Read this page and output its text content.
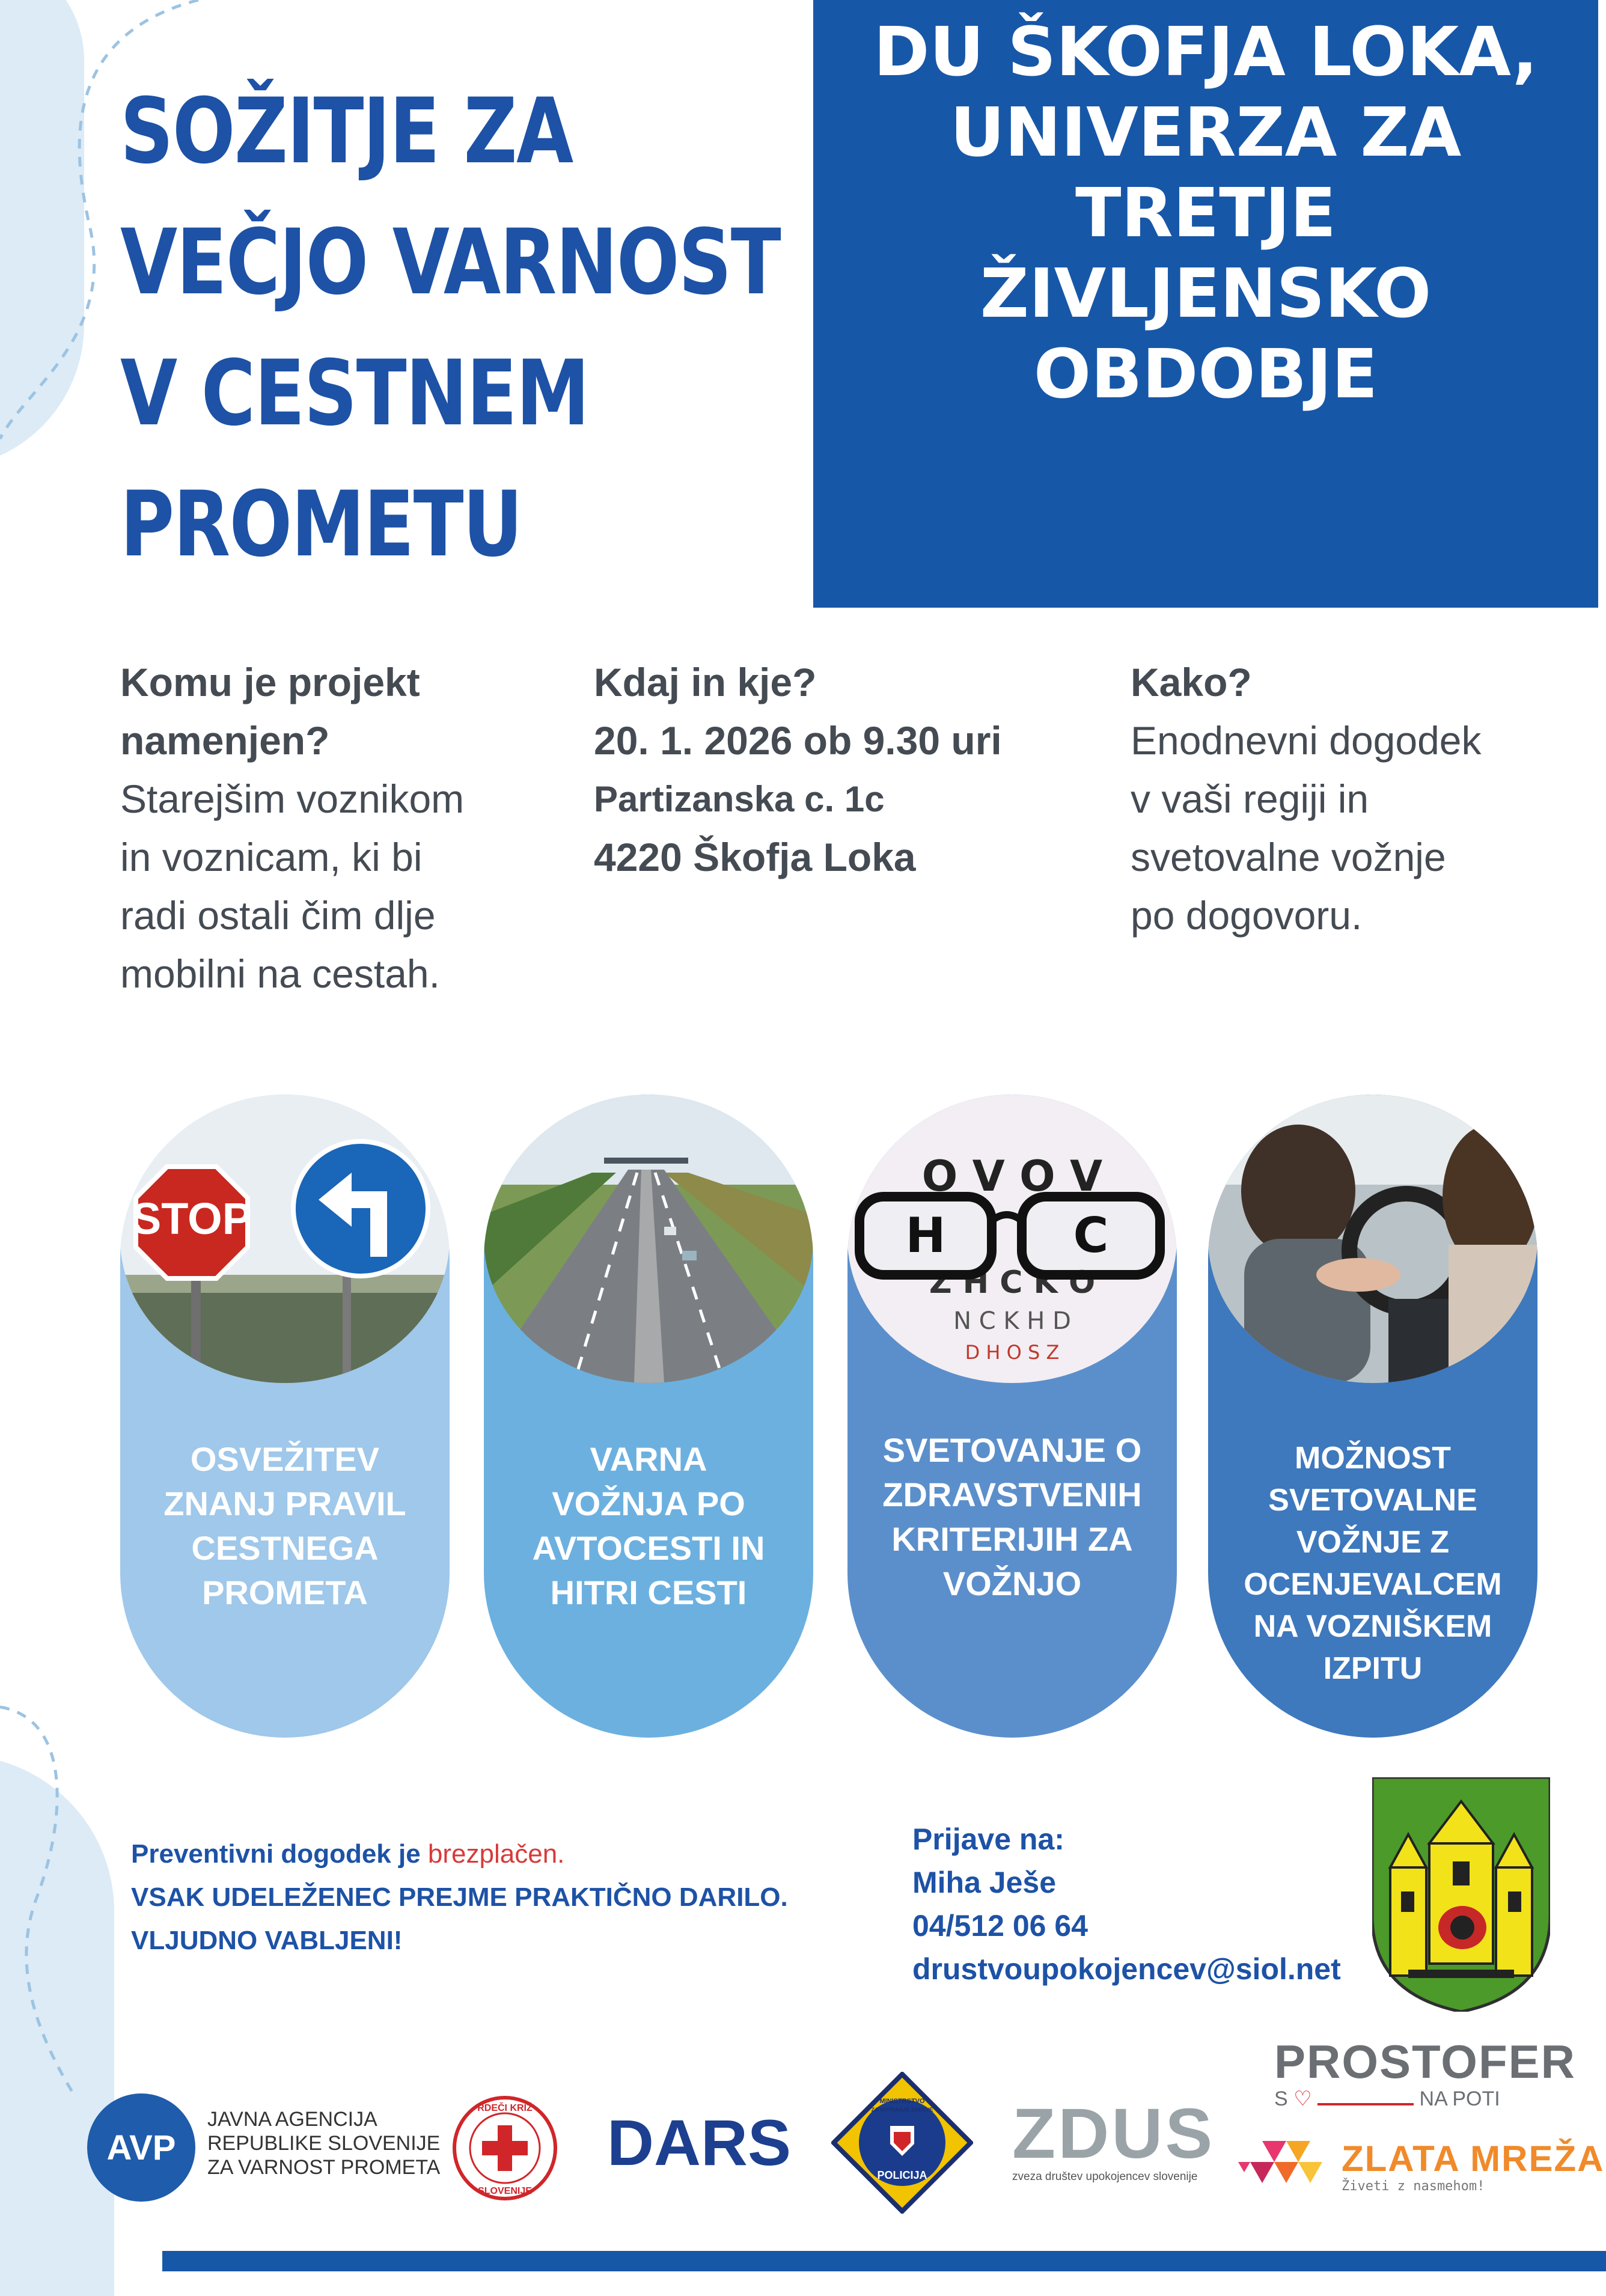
SOŽITJE ZA
VEČJO VARNOST
V CESTNEM
PROMETU
DU ŠKOFJA LOKA,
UNIVERZA ZA
TRETJE
ŽIVLJENSKO
OBDOBJE
Komu je projekt
namenjen?
Starejšim voznikom
in voznicam, ki bi
radi ostali čim dlje
mobilni na cestah.
Kdaj in kje?
20. 1. 2026 ob 9.30 uri
Partizanska c. 1c
4220 Škofja Loka
Kako?
Enodnevni dogodek
v vaši regiji in
svetovalne vožnje
po dogovoru.
STOP
OSVEŽITEV
ZNANJ PRAVIL
CESTNEGA
PROMETA
VARNA
VOŽNJA PO
AVTOCESTI IN
HITRI CESTI
O V O V
Z H C K O
N C K H D
D H O S Z
H	C
SVETOVANJE O
ZDRAVSTVENIH
KRITERIJIH ZA
VOŽNJO
MOŽNOST
SVETOVALNE
VOŽNJE Z
OCENJEVALCEM
NA VOZNIŠKEM
IZPITU
Preventivni dogodek je brezplačen.
VSAK UDELEŽENEC PREJME PRAKTIČNO DARILO.
VLJUDNO VABLJENI!
Prijave na:
Miha Ješe
04/512 06 64
drustvoupokojencev@siol.net
AVP
JAVNA AGENCIJA
REPUBLIKE SLOVENIJE
ZA VARNOST PROMETA
RDEČI KRIŽ
SLOVENIJE
DARS
MINISTRSTVO
ZA NOTRANJE ZADEVE
POLICIJA
ZDUS
zveza društev upokojencev slovenije
PROSTOFER
S ♡	NA POTI
ZLATA MREŽA
Živeti z nasmehom!
